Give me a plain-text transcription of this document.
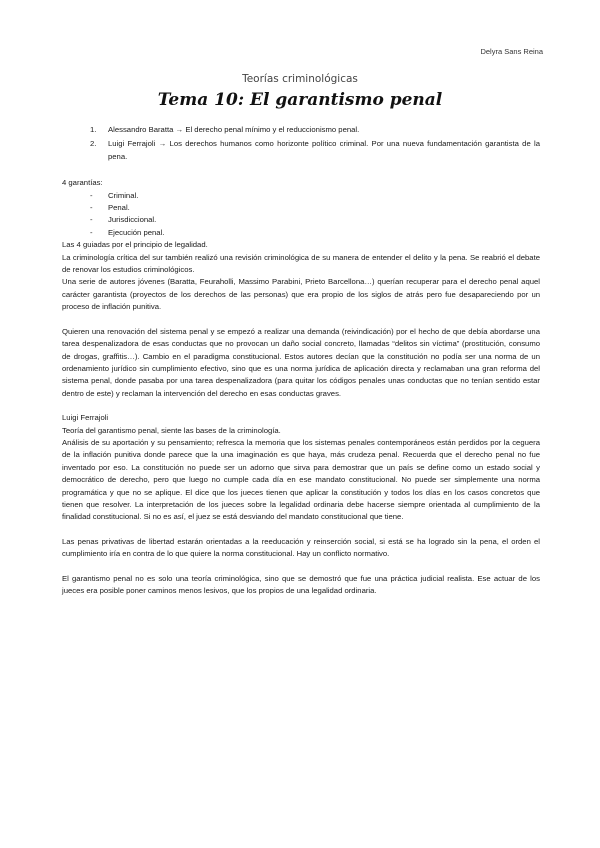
Delyra Sans Reina
Teorías criminológicas
Tema 10: El garantismo penal
1. Alessandro Baratta → El derecho penal mínimo y el reduccionismo penal.
2. Luigi Ferrajoli → Los derechos humanos como horizonte político criminal. Por una nueva fundamentación garantista de la pena.

4 garantías:

- Criminal.
- Penal.
- Jurisdiccional.
- Ejecución penal.

Las 4 guiadas por el principio de legalidad.

La criminología crítica del sur también realizó una revisión criminológica de su manera de entender el delito y la pena. Se reabrió el debate de renovar los estudios criminológicos.

Una serie de autores jóvenes (Baratta, Feuraholli, Massimo Parabini, Prieto Barcellona…) querían recuperar para el derecho penal aquel carácter garantista (proyectos de los derechos de las personas) que era propio de los siglos de atrás pero fue desapareciendo por un proceso de inflación punitiva.

Quieren una renovación del sistema penal y se empezó a realizar una demanda (reivindicación) por el hecho de que debía abordarse una tarea despenalizadora de esas conductas que no provocan un daño social concreto, llamadas “delitos sin víctima” (prostitución, consumo de drogas, graffitis…). Cambio en el paradigma constitucional. Estos autores decían que la constitución no podía ser una norma de un ordenamiento jurídico sin cumplimiento efectivo, sino que es una norma jurídica de aplicación directa y reclamaban una gran reforma del sistema penal, donde pasaba por una tarea despenalizadora (para quitar los códigos penales unas conductas que no tenían sentido estar dentro de este) y reclaman la intervención del derecho en esas conductas graves.

Luigi Ferrajoli

Teoría del garantismo penal, siente las bases de la criminología.

Análisis de su aportación y su pensamiento; refresca la memoria que los sistemas penales contemporáneos están perdidos por la ceguera de la inflación punitiva donde parece que la una imaginación es que haya, más crudeza penal. Recuerda que el derecho penal no fue inventado por eso. La constitución no puede ser un adorno que sirva para demostrar que un país se define como un estado social y democrático de derecho, pero que luego no cumple cada día en ese mandato constitucional. No puede ser simplemente una norma programática y que no se aplique. El dice que los jueces tienen que aplicar la constitución y todos los días en los casos concretos que tienen que resolver. La interpretación de los jueces sobre la legalidad ordinaria debe hacerse siempre orientada al cumplimiento de la finalidad constitucional. Si no es así, el juez se está desviando del mandato constitucional que tiene.

Las penas privativas de libertad estarán orientadas a la reeducación y reinserción social, si está se ha logrado sin la pena, el orden el cumplimiento iría en contra de lo que quiere la norma constitucional. Hay un conflicto normativo.

El garantismo penal no es solo una teoría criminológica, sino que se demostró que fue una práctica judicial realista. Ese actuar de los jueces era posible poner caminos menos lesivos, que los propios de una legalidad ordinaria.
